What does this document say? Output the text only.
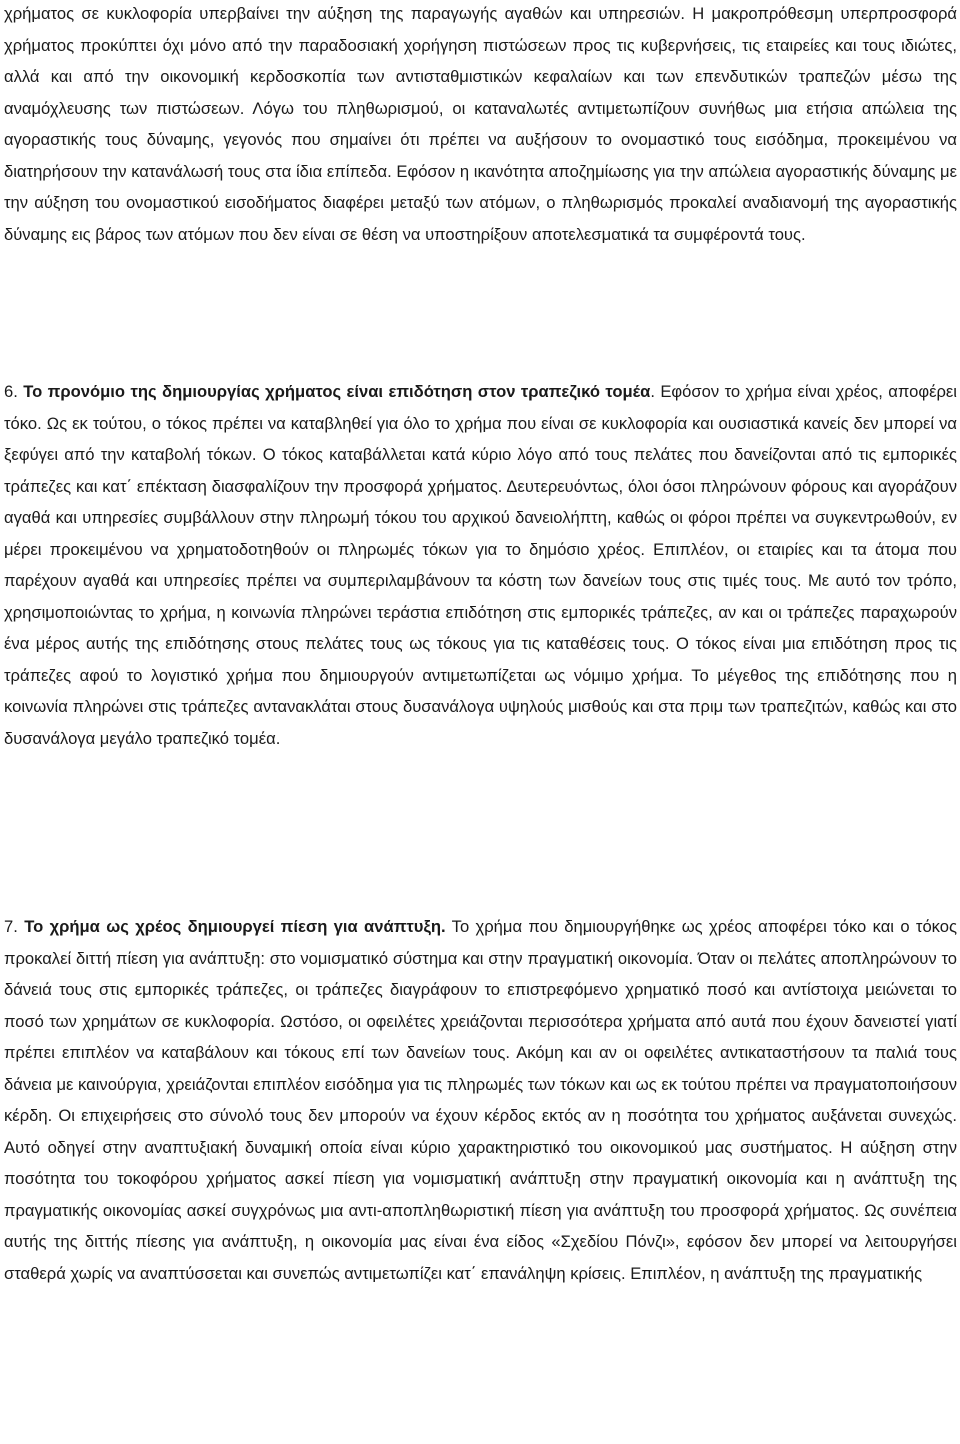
χρήματος σε κυκλοφορία υπερβαίνει την αύξηση της παραγωγής αγαθών και υπηρεσιών. Η μακροπρόθεσμη υπερπροσφορά χρήματος προκύπτει όχι μόνο από την παραδοσιακή χορήγηση πιστώσεων προς τις κυβερνήσεις, τις εταιρείες και τους ιδιώτες, αλλά και από την οικονομική κερδοσκοπία των αντισταθμιστικών κεφαλαίων και των επενδυτικών τραπεζών μέσω της αναμόχλευσης των πιστώσεων. Λόγω του πληθωρισμού, οι καταναλωτές αντιμετωπίζουν συνήθως μια ετήσια απώλεια της αγοραστικής τους δύναμης, γεγονός που σημαίνει ότι πρέπει να αυξήσουν το ονομαστικό τους εισόδημα, προκειμένου να διατηρήσουν την κατανάλωσή τους στα ίδια επίπεδα. Εφόσον η ικανότητα αποζημίωσης για την απώλεια αγοραστικής δύναμης με την αύξηση του ονομαστικού εισοδήματος διαφέρει μεταξύ των ατόμων, ο πληθωρισμός προκαλεί αναδιανομή της αγοραστικής δύναμης εις βάρος των ατόμων που δεν είναι σε θέση να υποστηρίξουν αποτελεσματικά τα συμφέροντά τους.

6. Το προνόμιο της δημιουργίας χρήματος είναι επιδότηση στον τραπεζικό τομέα. Εφόσον το χρήμα είναι χρέος, αποφέρει τόκο. Ως εκ τούτου, ο τόκος πρέπει να καταβληθεί για όλο το χρήμα που είναι σε κυκλοφορία και ουσιαστικά κανείς δεν μπορεί να ξεφύγει από την καταβολή τόκων. Ο τόκος καταβάλλεται κατά κύριο λόγο από τους πελάτες που δανείζονται από τις εμπορικές τράπεζες και κατ΄ επέκταση διασφαλίζουν την προσφορά χρήματος. Δευτερευόντως, όλοι όσοι πληρώνουν φόρους και αγοράζουν αγαθά και υπηρεσίες συμβάλλουν στην πληρωμή τόκου του αρχικού δανειολήπτη, καθώς οι φόροι πρέπει να συγκεντρωθούν, εν μέρει προκειμένου να χρηματοδοτηθούν οι πληρωμές τόκων για το δημόσιο χρέος. Επιπλέον, οι εταιρίες και τα άτομα που παρέχουν αγαθά και υπηρεσίες πρέπει να συμπεριλαμβάνουν τα κόστη των δανείων τους στις τιμές τους. Με αυτό τον τρόπο, χρησιμοποιώντας το χρήμα, η κοινωνία πληρώνει τεράστια επιδότηση στις εμπορικές τράπεζες, αν και οι τράπεζες παραχωρούν ένα μέρος αυτής της επιδότησης στους πελάτες τους ως τόκους για τις καταθέσεις τους. Ο τόκος είναι μια επιδότηση προς τις τράπεζες αφού το λογιστικό χρήμα που δημιουργούν αντιμετωπίζεται ως νόμιμο χρήμα. Το μέγεθος της επιδότησης που η κοινωνία πληρώνει στις τράπεζες αντανακλάται στους δυσανάλογα υψηλούς μισθούς και στα πριμ των τραπεζιτών, καθώς και στο δυσανάλογα μεγάλο τραπεζικό τομέα.

7. Το χρήμα ως χρέος δημιουργεί πίεση για ανάπτυξη. Το χρήμα που δημιουργήθηκε ως χρέος αποφέρει τόκο και ο τόκος προκαλεί διττή πίεση για ανάπτυξη: στο νομισματικό σύστημα και στην πραγματική οικονομία. Όταν οι πελάτες αποπληρώνουν το δάνειά τους στις εμπορικές τράπεζες, οι τράπεζες διαγράφουν το επιστρεφόμενο χρηματικό ποσό και αντίστοιχα μειώνεται το ποσό των χρημάτων σε κυκλοφορία. Ωστόσο, οι οφειλέτες χρειάζονται περισσότερα χρήματα από αυτά που έχουν δανειστεί γιατί πρέπει επιπλέον να καταβάλουν και τόκους επί των δανείων τους. Ακόμη και αν οι οφειλέτες αντικαταστήσουν τα παλιά τους δάνεια με καινούργια, χρειάζονται επιπλέον εισόδημα για τις πληρωμές των τόκων και ως εκ τούτου πρέπει να πραγματοποιήσουν κέρδη. Οι επιχειρήσεις στο σύνολό τους δεν μπορούν να έχουν κέρδος εκτός αν η ποσότητα του χρήματος αυξάνεται συνεχώς. Αυτό οδηγεί στην αναπτυξιακή δυναμική οποία είναι κύριο χαρακτηριστικό του οικονομικού μας συστήματος. Η αύξηση στην ποσότητα του τοκοφόρου χρήματος ασκεί πίεση για νομισματική ανάπτυξη στην πραγματική οικονομία και η ανάπτυξη της πραγματικής οικονομίας ασκεί συγχρόνως μια αντι-αποπληθωριστική πίεση για ανάπτυξη του προσφορά χρήματος. Ως συνέπεια αυτής της διττής πίεσης για ανάπτυξη, η οικονομία μας είναι ένα είδος «Σχεδίου Πόνζι», εφόσον δεν μπορεί να λειτουργήσει σταθερά χωρίς να αναπτύσσεται και συνεπώς αντιμετωπίζει κατ΄ επανάληψη κρίσεις. Επιπλέον, η ανάπτυξη της πραγματικής
